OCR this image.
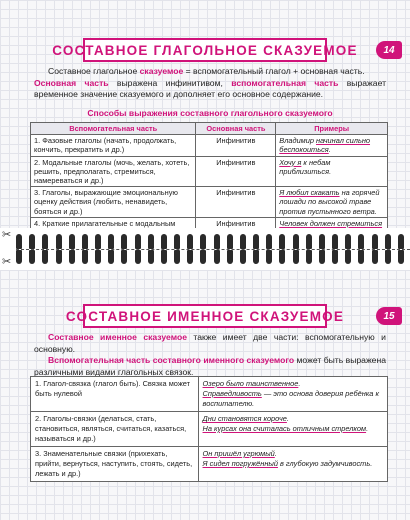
СОСТАВНОЕ ГЛАГОЛЬНОЕ СКАЗУЕМОЕ	14

Составное глагольное сказуемое = вспомогательный глагол + основная часть.

Основная часть выражена инфинитивом, вспомогательная часть выражает временное значение сказуемого и дополняет его основное содержание.

Способы выражения составного глагольного сказуемого
Вспомогательная часть	Основная часть	Примеры
1. Фазовые глаголы (начать, продолжать, кончить, прекратить и др.)	Инфинитив	Владимир начинал сильно беспокоиться.
2. Модальные глаголы (мочь, желать, хотеть, решить, предполагать, стремиться, намереваться и др.)	Инфинитив	Хочу я к небам приблизиться.
3. Глаголы, выражающие эмоциональную оценку действия (любить, ненавидеть, бояться и др.)	Инфинитив	Я любил скакать на горячей лошади по высокой траве против пустынного ветра.
4. Краткие прилагательные с модальным	Инфинитив	Человек должен стремиться

✂
✂
СОСТАВНОЕ ИМЕННОЕ СКАЗУЕМОЕ	15

Составное именное сказуемое также имеет две части: вспомогательную и основную.

Вспомогательная часть составного именного сказуемого может быть выражена различными видами глагольных связок.

1. Глагол-связка (глагол быть). Связка может быть нулевой	Озеро было таинственное.
Справедливость — это основа доверия ребёнка к воспитателю.

2. Глаголы-связки (делаться, стать, становиться, являться, считаться, казаться, называться и др.)	Дни становятся короче.
На курсах она считалась отличным стрелком.

3. Знаменательные связки (прихехать, прийти, вернуться, наступить, стоять, сидеть, лежать и др.)	Он пришёл угрюмый.
Я сидел погружённый в глубокую задумчивость.
